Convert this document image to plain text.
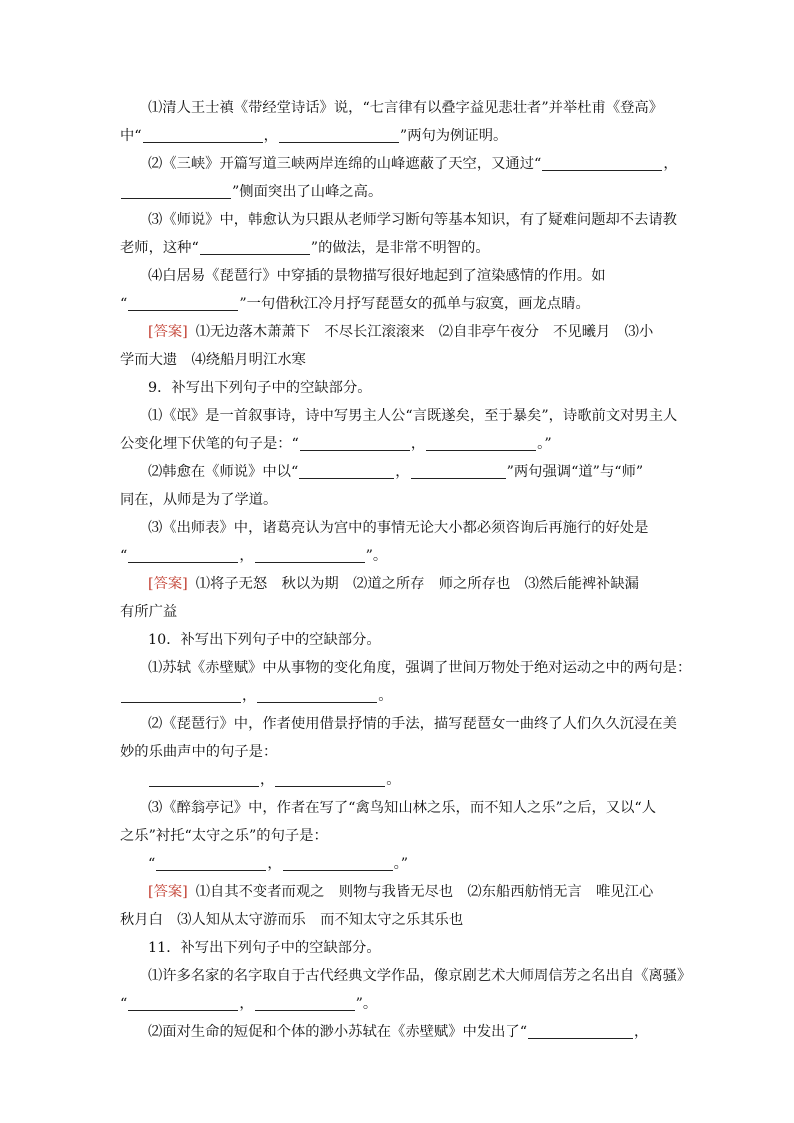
⑴清人王士禛《带经堂诗话》说，“七言律有以叠字益见悲壮者”并举杜甫《登高》
中“	，	”两句为例证明。
⑵《三峡》开篇写道三峡两岸连绵的山峰遮蔽了天空，又通过“	，
”侧面突出了山峰之高。
⑶《师说》中，韩愈认为只跟从老师学习断句等基本知识，有了疑难问题却不去请教
老师，这种“	”的做法，是非常不明智的。
⑷白居易《琵琶行》中穿插的景物描写很好地起到了渲染感情的作用。如
“	”一句借秋江冷月抒写琵琶女的孤单与寂寞，画龙点睛。
[答案] ⑴无边落木萧萧下　不尽长江滚滚来　⑵自非亭午夜分　不见曦月　⑶小
学而大遗　⑷绕船月明江水寒
9．补写出下列句子中的空缺部分。
⑴《氓》是一首叙事诗，诗中写男主人公“言既遂矣，至于暴矣”，诗歌前文对男主人
公变化埋下伏笔的句子是：“	，	。”
⑵韩愈在《师说》中以“	，	”两句强调“道”与“师”
同在，从师是为了学道。
⑶《出师表》中，诸葛亮认为宫中的事情无论大小都必须咨询后再施行的好处是
“	，	”。
[答案] ⑴将子无怒　秋以为期　⑵道之所存　师之所存也　⑶然后能裨补缺漏
有所广益
10．补写出下列句子中的空缺部分。
⑴苏轼《赤壁赋》中从事物的变化角度，强调了世间万物处于绝对运动之中的两句是：
，	。
⑵《琵琶行》中，作者使用借景抒情的手法，描写琵琶女一曲终了人们久久沉浸在美
妙的乐曲声中的句子是：
，	。
⑶《醉翁亭记》中，作者在写了“禽鸟知山林之乐，而不知人之乐”之后，又以“人
之乐”衬托“太守之乐”的句子是：
“	，	。”
[答案] ⑴自其不变者而观之　则物与我皆无尽也　⑵东船西舫悄无言　唯见江心
秋月白　⑶人知从太守游而乐　而不知太守之乐其乐也
11．补写出下列句子中的空缺部分。
⑴许多名家的名字取自于古代经典文学作品，像京剧艺术大师周信芳之名出自《离骚》
“	，	”。
⑵面对生命的短促和个体的渺小苏轼在《赤壁赋》中发出了“	，
